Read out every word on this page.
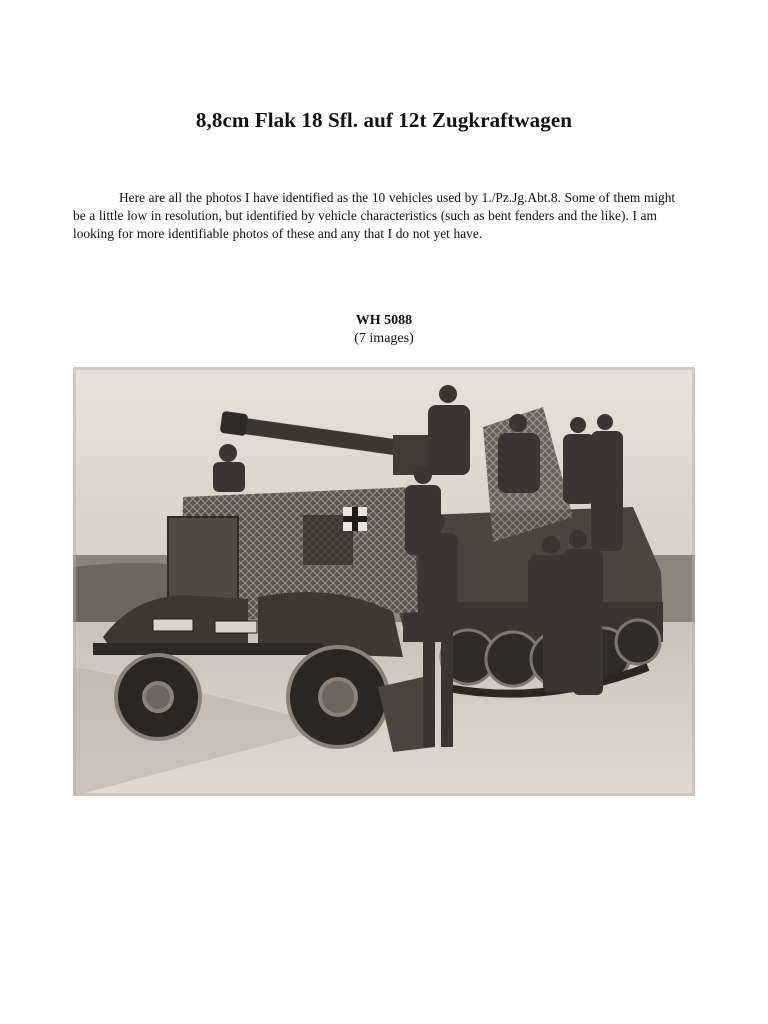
8,8cm Flak 18 Sfl. auf 12t Zugkraftwagen

Here are all the photos I have identified as the 10 vehicles used by 1./Pz.Jg.Abt.8. Some of them might be a little low in resolution, but identified by vehicle characteristics (such as bent fenders and the like). I am looking for more identifiable photos of these and any that I do not yet have.

WH 5088
(7 images)
